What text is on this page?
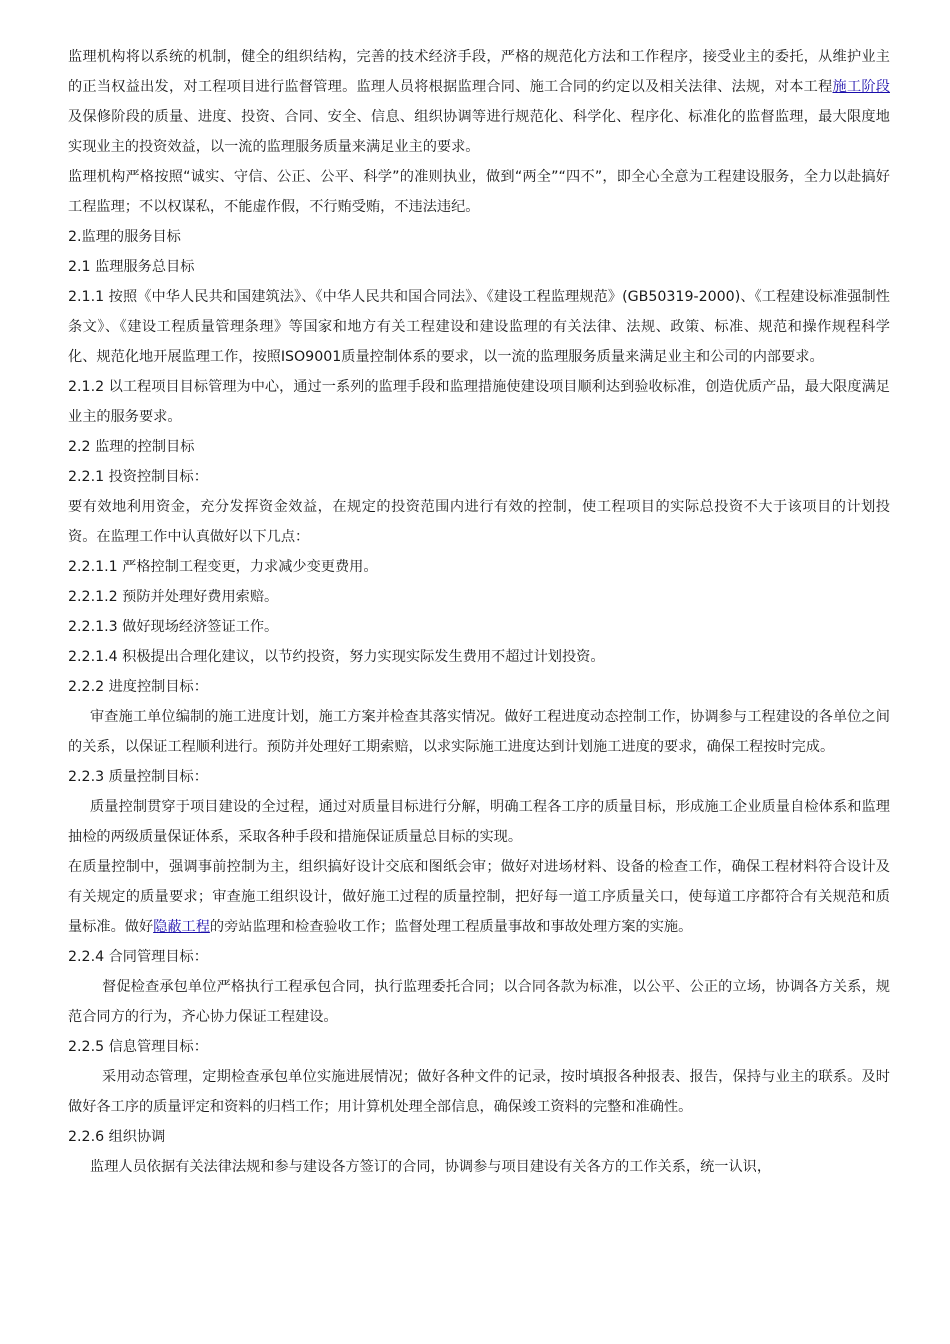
监理机构将以系统的机制，健全的组织结构，完善的技术经济手段，严格的规范化方法和工作程序，接受业主的委托，从维护业主的正当权益出发，对工程项目进行监督管理。监理人员将根据监理合同、施工合同的约定以及相关法律、法规，对本工程施工阶段及保修阶段的质量、进度、投资、合同、安全、信息、组织协调等进行规范化、科学化、程序化、标准化的监督监理，最大限度地实现业主的投资效益，以一流的监理服务质量来满足业主的要求。

监理机构严格按照“诚实、守信、公正、公平、科学”的准则执业，做到“两全”“四不”，即全心全意为工程建设服务，全力以赴搞好工程监理；不以权谋私，不能虚作假，不行贿受贿，不违法违纪。

2.监理的服务目标

2.1 监理服务总目标

2.1.1 按照《中华人民共和国建筑法》、《中华人民共和国合同法》、《建设工程监理规范》(GB50319-2000)、《工程建设标准强制性条文》、《建设工程质量管理条理》等国家和地方有关工程建设和建设监理的有关法律、法规、政策、标准、规范和操作规程科学化、规范化地开展监理工作，按照ISO9001质量控制体系的要求，以一流的监理服务质量来满足业主和公司的内部要求。

2.1.2 以工程项目目标管理为中心，通过一系列的监理手段和监理措施使建设项目顺利达到验收标准，创造优质产品，最大限度满足业主的服务要求。

2.2 监理的控制目标

2.2.1 投资控制目标：

要有效地利用资金，充分发挥资金效益，在规定的投资范围内进行有效的控制，使工程项目的实际总投资不大于该项目的计划投资。在监理工作中认真做好以下几点：

2.2.1.1 严格控制工程变更，力求减少变更费用。

2.2.1.2 预防并处理好费用索赔。

2.2.1.3 做好现场经济签证工作。

2.2.1.4 积极提出合理化建议，以节约投资，努力实现实际发生费用不超过计划投资。

2.2.2 进度控制目标：

审查施工单位编制的施工进度计划，施工方案并检查其落实情况。做好工程进度动态控制工作，协调参与工程建设的各单位之间的关系，以保证工程顺利进行。预防并处理好工期索赔，以求实际施工进度达到计划施工进度的要求，确保工程按时完成。

2.2.3 质量控制目标：

质量控制贯穿于项目建设的全过程，通过对质量目标进行分解，明确工程各工序的质量目标，形成施工企业质量自检体系和监理抽检的两级质量保证体系，采取各种手段和措施保证质量总目标的实现。

在质量控制中，强调事前控制为主，组织搞好设计交底和图纸会审；做好对进场材料、设备的检查工作，确保工程材料符合设计及有关规定的质量要求；审查施工组织设计，做好施工过程的质量控制，把好每一道工序质量关口，使每道工序都符合有关规范和质量标准。做好隐蔽工程的旁站监理和检查验收工作；监督处理工程质量事故和事故处理方案的实施。

2.2.4 合同管理目标：

督促检查承包单位严格执行工程承包合同，执行监理委托合同；以合同各款为标准，以公平、公正的立场，协调各方关系，规范合同方的行为，齐心协力保证工程建设。

2.2.5 信息管理目标：

采用动态管理，定期检查承包单位实施进展情况；做好各种文件的记录，按时填报各种报表、报告，保持与业主的联系。及时做好各工序的质量评定和资料的归档工作；用计算机处理全部信息，确保竣工资料的完整和准确性。

2.2.6 组织协调

监理人员依据有关法律法规和参与建设各方签订的合同，协调参与项目建设有关各方的工作关系，统一认识，
